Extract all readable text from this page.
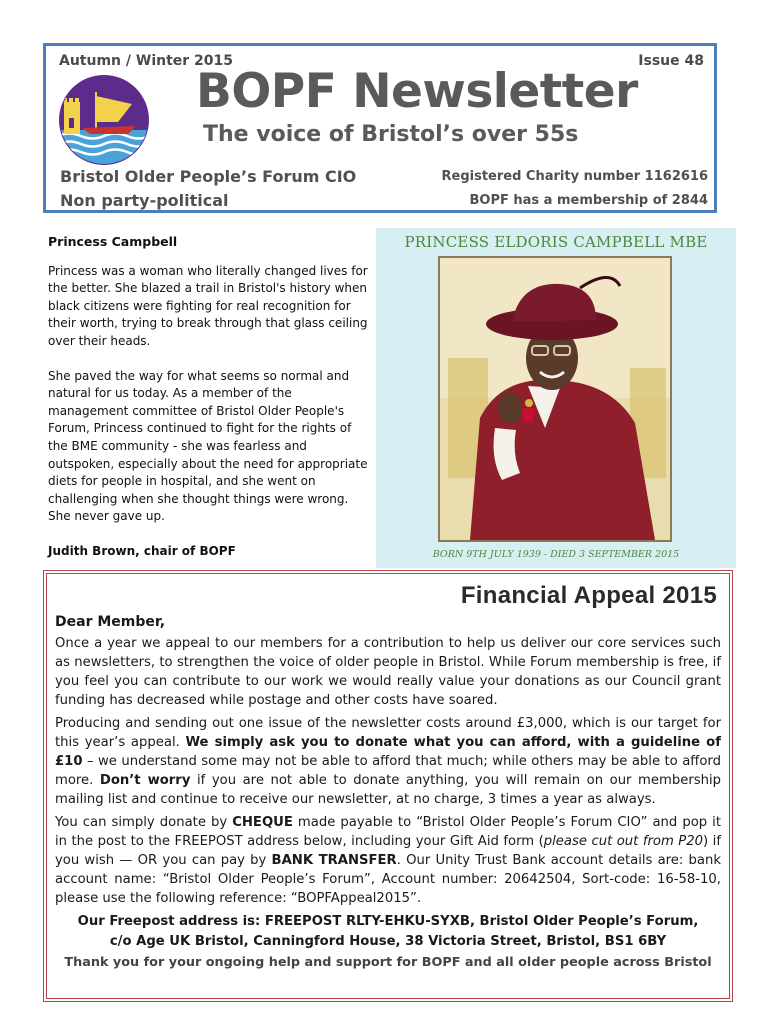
Autumn / Winter 2015	Issue 48
BOPF Newsletter
The voice of Bristol’s over 55s
Bristol Older People’s Forum CIO
Non party-political
Registered Charity number 1162616
BOPF has a membership of 2844
Princess Campbell

Princess was a woman who literally changed lives for the better. She blazed a trail in Bristol's history when black citizens were fighting for real recognition for their worth, trying to break through that glass ceiling over their heads.

She paved the way for what seems so normal and natural for us today. As a member of the management committee of Bristol Older People's Forum, Princess continued to fight for the rights of the BME community - she was fearless and outspoken, especially about the need for appropriate diets for people in hospital, and she went on challenging when she thought things were wrong. She never gave up.

Judith Brown, chair of BOPF
PRINCESS ELDORIS CAMPBELL MBE
BORN 9TH JULY 1939 - DIED 3 SEPTEMBER 2015
Financial Appeal 2015
Dear Member,

Once a year we appeal to our members for a contribution to help us deliver our core services such as newsletters, to strengthen the voice of older people in Bristol. While Forum membership is free, if you feel you can contribute to our work we would really value your donations as our Council grant funding has decreased while postage and other costs have soared.

Producing and sending out one issue of the newsletter costs around £3,000, which is our target for this year’s appeal. We simply ask you to donate what you can afford, with a guideline of £10 – we understand some may not be able to afford that much; while others may be able to afford more. Don’t worry if you are not able to donate anything, you will remain on our membership mailing list and continue to receive our newsletter, at no charge, 3 times a year as always.

You can simply donate by CHEQUE made payable to “Bristol Older People’s Forum CIO” and pop it in the post to the FREEPOST address below, including your Gift Aid form (please cut out from P20) if you wish — OR you can pay by BANK TRANSFER. Our Unity Trust Bank account details are: bank account name: “Bristol Older People’s Forum”, Account number: 20642504, Sort-code: 16-58-10, please use the following reference: “BOPFAppeal2015”.

Our Freepost address is: FREEPOST RLTY-EHKU-SYXB, Bristol Older People’s Forum,
c/o Age UK Bristol, Canningford House, 38 Victoria Street, Bristol, BS1 6BY
Thank you for your ongoing help and support for BOPF and all older people across Bristol
